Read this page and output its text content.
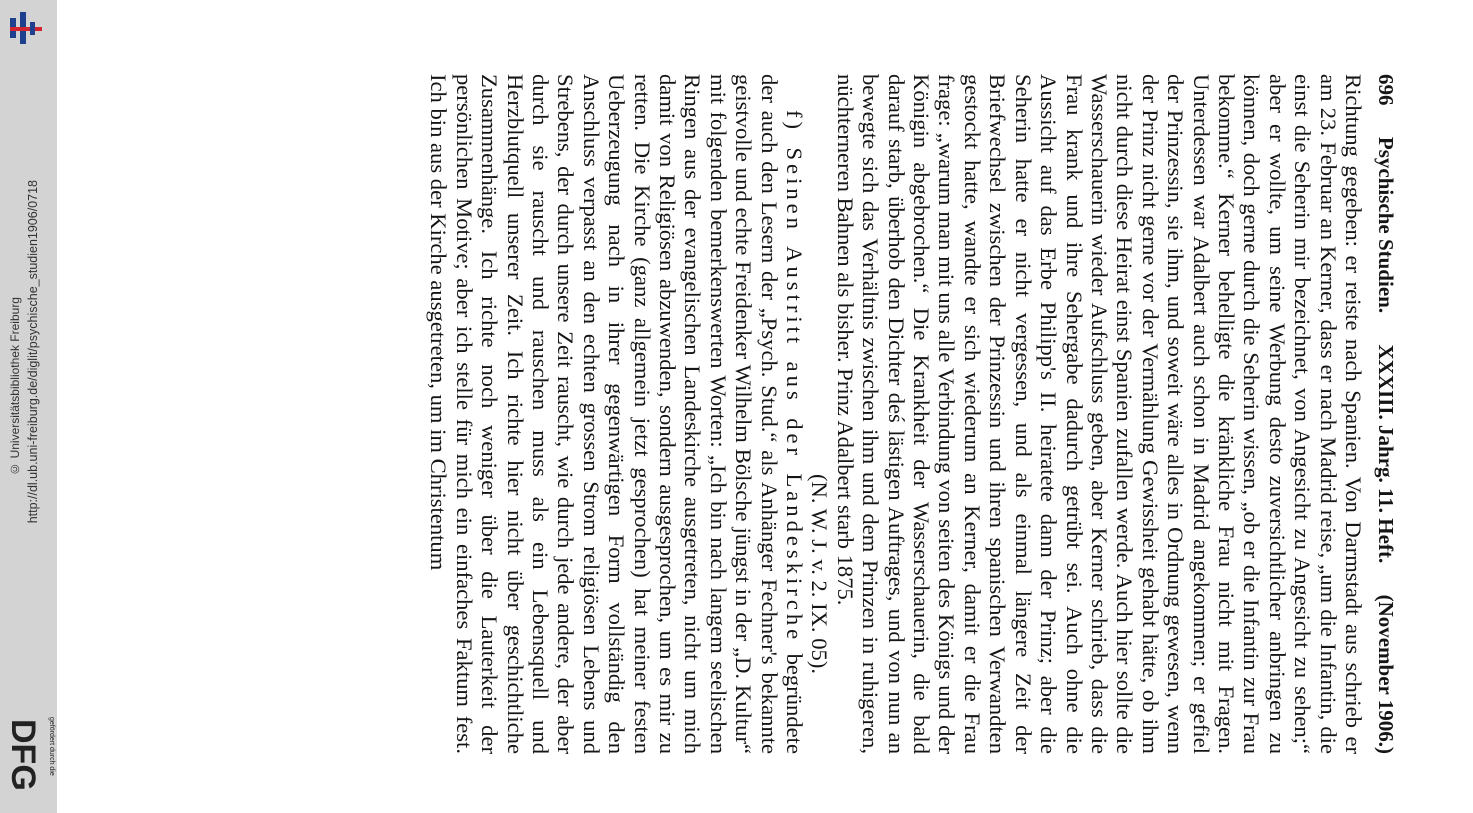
http://dl.ub.uni-freiburg.de/diglit/psychische_studien1906/0718
© Universitätsbibliothek Freiburg
gefördert durch die
DFG
696
Psychische Studien.
XXXIII. Jahrg. 11. Heft.
(November 1906.)

Richtung gegeben: er reiste nach Spanien. Von Darmstadt aus schrieb er am 23. Februar an Kerner, dass er nach Madrid reise, „um die Infantin, die einst die Seherin mir bezeichnet, von Angesicht zu Angesicht zu sehen;“ aber er wollte, um seine Werbung desto zuversichtlicher anbringen zu können, doch gerne durch die Seherin wissen, „ob er die Infantin zur Frau bekomme.“ Kerner behelligte die kränkliche Frau nicht mit Fragen. Unterdessen war Adalbert auch schon in Madrid angekommen; er gefiel der Prinzessin, sie ihm, und soweit wäre alles in Ordnung gewesen, wenn der Prinz nicht gerne vor der Vermählung Gewissheit gehabt hätte, ob ihm nicht durch diese Heirat einst Spanien zufallen werde. Auch hier sollte die Wasserschauerin wieder Aufschluss geben, aber Kerner schrieb, dass die Frau krank und ihre Sehergabe dadurch getrübt sei. Auch ohne die Aussicht auf das Erbe Philipp's II. heiratete dann der Prinz; aber die Seherin hatte er nicht vergessen, und als einmal längere Zeit der Briefwechsel zwischen der Prinzessin und ihren spanischen Verwandten gestockt hatte, wandte er sich wiederum an Kerner, damit er die Frau frage: „warum man mit uns alle Verbindung von seiten des Königs und der Königin abgebrochen.“ Die Krankheit der Wasserschauerin, die bald darauf starb, überhob den Dichter deś lästigen Auftrages, und von nun an bewegte sich das Verhältnis zwischen ihm und dem Prinzen in ruhigeren, nüchterneren Bahnen als bisher. Prinz Adalbert starb 1875.

(N. W. J. v. 2. IX. 05).

f) Seinen Austritt aus der Landeskirche begründete der auch den Lesern der „Psych. Stud.“ als Anhänger Fechner's bekannte geistvolle und echte Freidenker Wilhelm Bölsche jüngst in der „D. Kultur“ mit folgenden bemerkenswerten Worten: „Ich bin nach langem seelischen Ringen aus der evangelischen Landeskirche ausgetreten, nicht um mich damit von Religiösen abzuwenden, sondern ausgesprochen, um es mir zu retten. Die Kirche (ganz allgemein jetzt gesprochen) hat meiner festen Ueberzeugung nach in ihrer gegenwärtigen Form vollständig den Anschluss verpasst an den echten grossen Strom religiösen Lebens und Strebens, der durch unsere Zeit rauscht, wie durch jede andere, der aber durch sie rauscht und rauschen muss als ein Lebensquell und Herzblutquell unserer Zeit. Ich richte hier nicht über geschichtliche Zusammenhänge. Ich richte noch weniger über die Lauterkeit der persönlichen Motive; aber ich stelle für mich ein einfaches Faktum fest. Ich bin aus der Kirche ausgetreten, um im Christentum
